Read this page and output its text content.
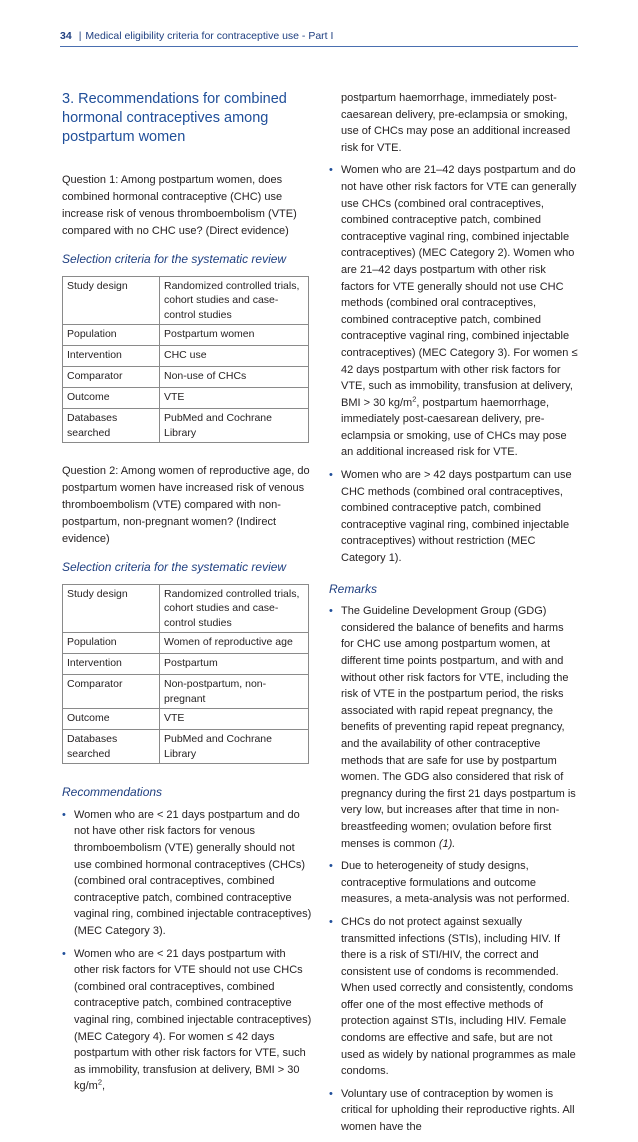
34 | Medical eligibility criteria for contraceptive use - Part I
3. Recommendations for combined hormonal contraceptives among postpartum women

Question 1: Among postpartum women, does combined hormonal contraceptive (CHC) use increase risk of venous thromboembolism (VTE) compared with no CHC use? (Direct evidence)

Selection criteria for the systematic review

Study design	Randomized controlled trials, cohort studies and case-control studies
Population	Postpartum women
Intervention	CHC use
Comparator	Non-use of CHCs
Outcome	VTE
Databases searched	PubMed and Cochrane Library

Question 2: Among women of reproductive age, do postpartum women have increased risk of venous thromboembolism (VTE) compared with non-postpartum, non-pregnant women? (Indirect evidence)

Selection criteria for the systematic review

Study design	Randomized controlled trials, cohort studies and case-control studies
Population	Women of reproductive age
Intervention	Postpartum
Comparator	Non-postpartum, non-pregnant
Outcome	VTE
Databases searched	PubMed and Cochrane Library

Recommendations

• Women who are < 21 days postpartum and do not have other risk factors for venous thromboembolism (VTE) generally should not use combined hormonal contraceptives (CHCs) (combined oral contraceptives, combined contraceptive patch, combined contraceptive vaginal ring, combined injectable contraceptives) (MEC Category 3).
• Women who are < 21 days postpartum with other risk factors for VTE should not use CHCs (combined oral contraceptives, combined contraceptive patch, combined contraceptive vaginal ring, combined injectable contraceptives) (MEC Category 4). For women ≤ 42 days postpartum with other risk factors for VTE, such as immobility, transfusion at delivery, BMI > 30 $kg/m^2$,

postpartum haemorrhage, immediately post-caesarean delivery, pre-eclampsia or smoking, use of CHCs may pose an additional increased risk for VTE.

• Women who are 21–42 days postpartum and do not have other risk factors for VTE can generally use CHCs (combined oral contraceptives, combined contraceptive patch, combined contraceptive vaginal ring, combined injectable contraceptives) (MEC Category 2). Women who are 21–42 days postpartum with other risk factors for VTE generally should not use CHC methods (combined oral contraceptives, combined contraceptive patch, combined contraceptive vaginal ring, combined injectable contraceptives) (MEC Category 3). For women ≤ 42 days postpartum with other risk factors for VTE, such as immobility, transfusion at delivery, BMI > 30 $kg/m^2$, postpartum haemorrhage, immediately post-caesarean delivery, pre-eclampsia or smoking, use of CHCs may pose an additional increased risk for VTE.
• Women who are > 42 days postpartum can use CHC methods (combined oral contraceptives, combined contraceptive patch, combined contraceptive vaginal ring, combined injectable contraceptives) without restriction (MEC Category 1).

Remarks

• The Guideline Development Group (GDG) considered the balance of benefits and harms for CHC use among postpartum women, at different time points postpartum, and with and without other risk factors for VTE, including the risk of VTE in the postpartum period, the risks associated with rapid repeat pregnancy, the benefits of preventing rapid repeat pregnancy, and the availability of other contraceptive methods that are safe for use by postpartum women. The GDG also considered that risk of pregnancy during the first 21 days postpartum is very low, but increases after that time in non-breastfeeding women; ovulation before first menses is common (1).
• Due to heterogeneity of study designs, contraceptive formulations and outcome measures, a meta-analysis was not performed.
• CHCs do not protect against sexually transmitted infections (STIs), including HIV. If there is a risk of STI/HIV, the correct and consistent use of condoms is recommended. When used correctly and consistently, condoms offer one of the most effective methods of protection against STIs, including HIV. Female condoms are effective and safe, but are not used as widely by national programmes as male condoms.
• Voluntary use of contraception by women is critical for upholding their reproductive rights. All women have the
